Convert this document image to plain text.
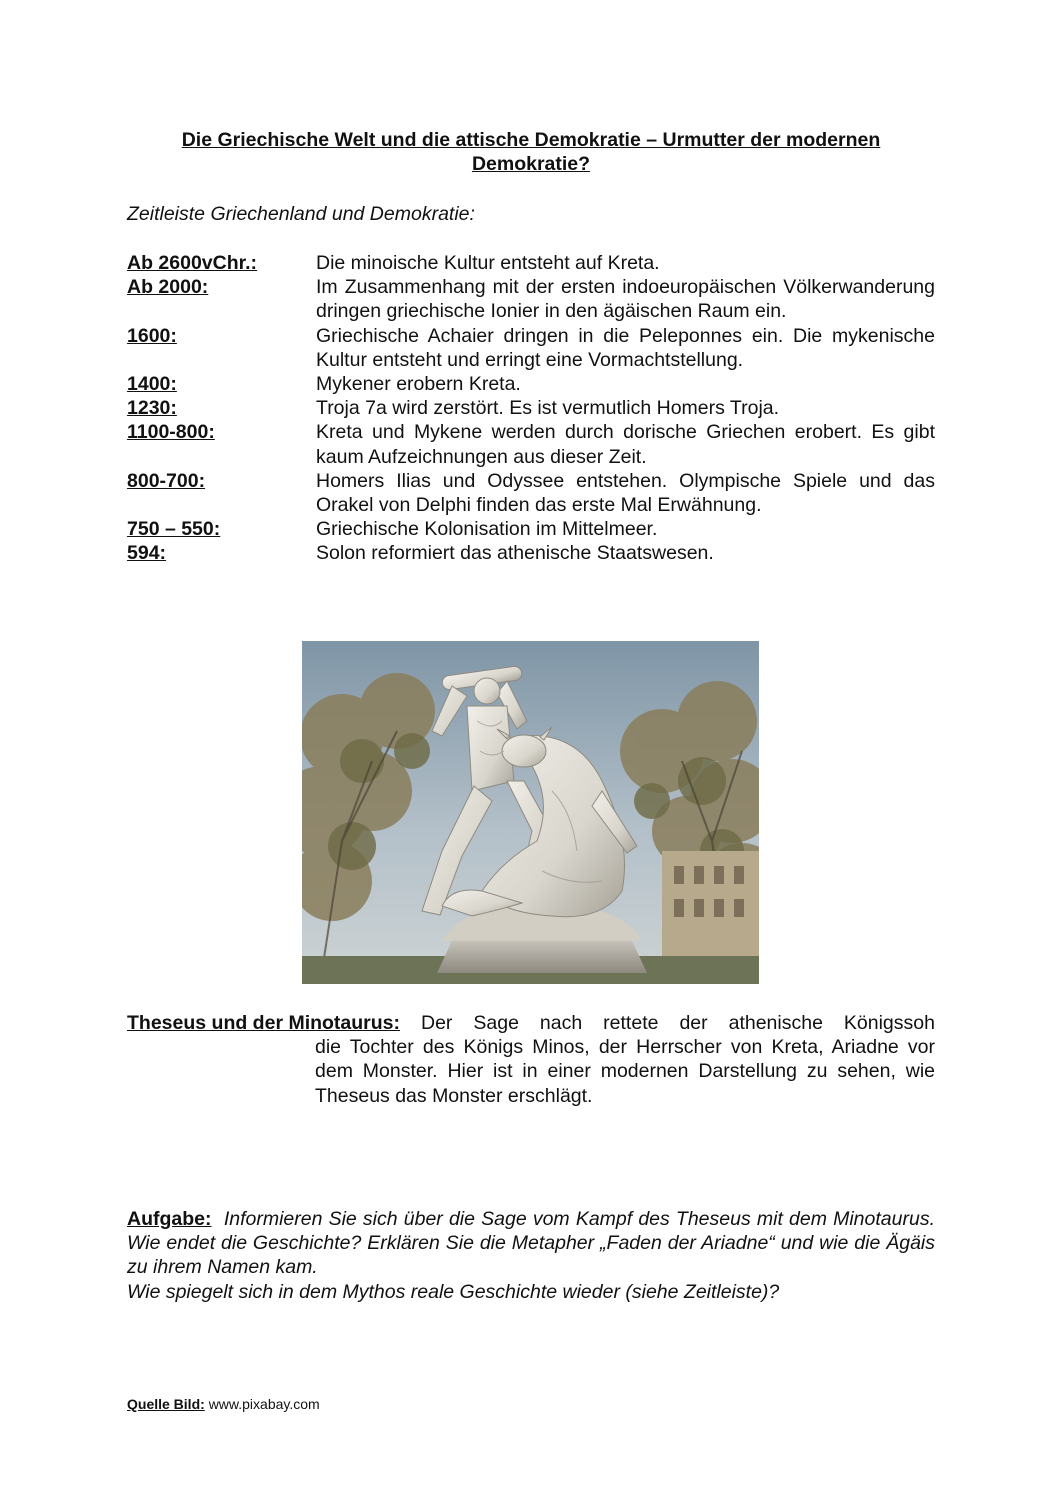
Die Griechische Welt und die attische Demokratie – Urmutter der modernen Demokratie?
Zeitleiste Griechenland und Demokratie:
Ab 2600vChr.:	Die minoische Kultur entsteht auf Kreta.
Ab 2000:	Im Zusammenhang mit der ersten indoeuropäischen Völkerwanderung dringen griechische Ionier in den ägäischen Raum ein.
1600:	Griechische Achaier dringen in die Peleponnes ein. Die mykenische Kultur entsteht und erringt eine Vormachtstellung.
1400:	Mykener erobern Kreta.
1230:	Troja 7a wird zerstört. Es ist vermutlich Homers Troja.
1100-800:	Kreta und Mykene werden durch dorische Griechen erobert. Es gibt kaum Aufzeichnungen aus dieser Zeit.
800-700:	Homers Ilias und Odyssee entstehen. Olympische Spiele und das Orakel von Delphi finden das erste Mal Erwähnung.
750 – 550:	Griechische Kolonisation im Mittelmeer.
594:	Solon reformiert das athenische Staatswesen.
Theseus und der Minotaurus: Der Sage nach rettete der athenische Königssoh
die Tochter des Königs Minos, der Herrscher von Kreta, Ariadne vor dem Monster. Hier ist in einer modernen Darstellung zu sehen, wie Theseus das Monster erschlägt.
Aufgabe: Informieren Sie sich über die Sage vom Kampf des Theseus mit dem Minotaurus. Wie endet die Geschichte? Erklären Sie die Metapher „Faden der Ariadne“ und wie die Ägäis zu ihrem Namen kam.
Wie spiegelt sich in dem Mythos reale Geschichte wieder (siehe Zeitleiste)?
Quelle Bild: www.pixabay.com
